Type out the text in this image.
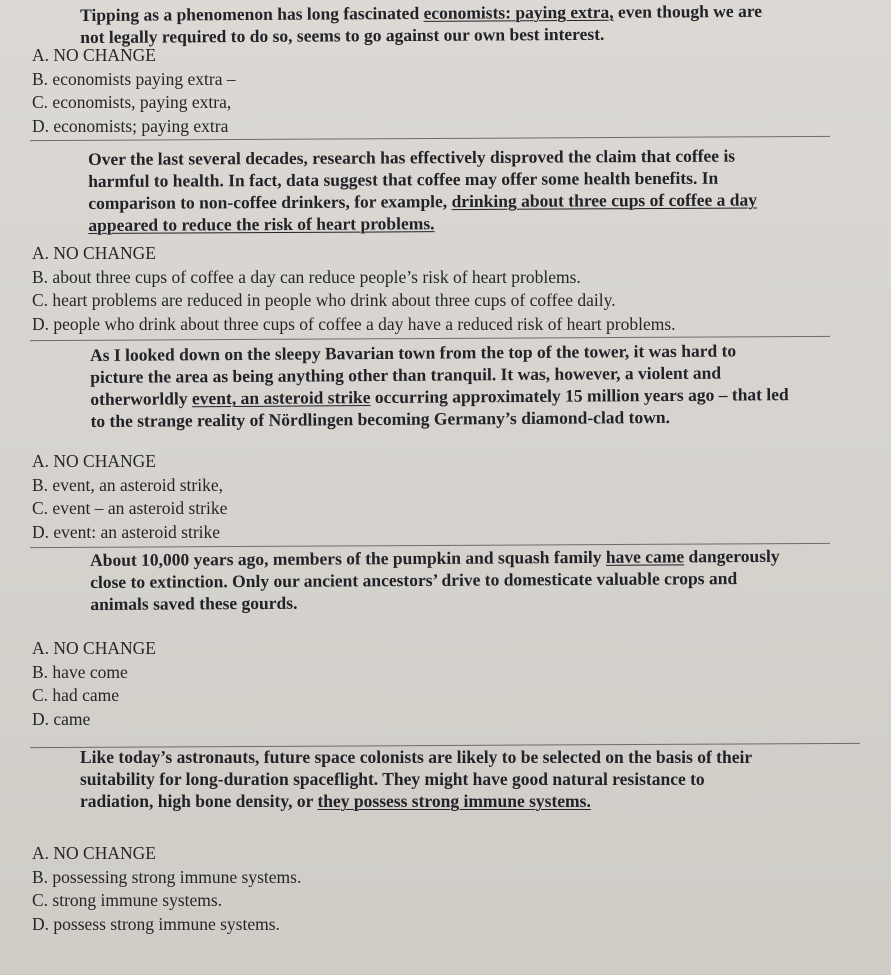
Tipping as a phenomenon has long fascinated economists: paying extra, even though we are
not legally required to do so, seems to go against our own best interest.
A. NO CHANGE
B. economists paying extra –
C. economists, paying extra,
D. economists; paying extra
Over the last several decades, research has effectively disproved the claim that coffee is
harmful to health. In fact, data suggest that coffee may offer some health benefits. In
comparison to non-coffee drinkers, for example, drinking about three cups of coffee a day
appeared to reduce the risk of heart problems.
A. NO CHANGE
B. about three cups of coffee a day can reduce people’s risk of heart problems.
C. heart problems are reduced in people who drink about three cups of coffee daily.
D. people who drink about three cups of coffee a day have a reduced risk of heart problems.
As I looked down on the sleepy Bavarian town from the top of the tower, it was hard to
picture the area as being anything other than tranquil. It was, however, a violent and
otherworldly event, an asteroid strike occurring approximately 15 million years ago – that led
to the strange reality of Nördlingen becoming Germany’s diamond-clad town.
A. NO CHANGE
B. event, an asteroid strike,
C. event – an asteroid strike
D. event: an asteroid strike
About 10,000 years ago, members of the pumpkin and squash family have came dangerously
close to extinction. Only our ancient ancestors’ drive to domesticate valuable crops and
animals saved these gourds.
A. NO CHANGE
B. have come
C. had came
D. came
Like today’s astronauts, future space colonists are likely to be selected on the basis of their
suitability for long-duration spaceflight. They might have good natural resistance to
radiation, high bone density, or they possess strong immune systems.
A. NO CHANGE
B. possessing strong immune systems.
C. strong immune systems.
D. possess strong immune systems.
